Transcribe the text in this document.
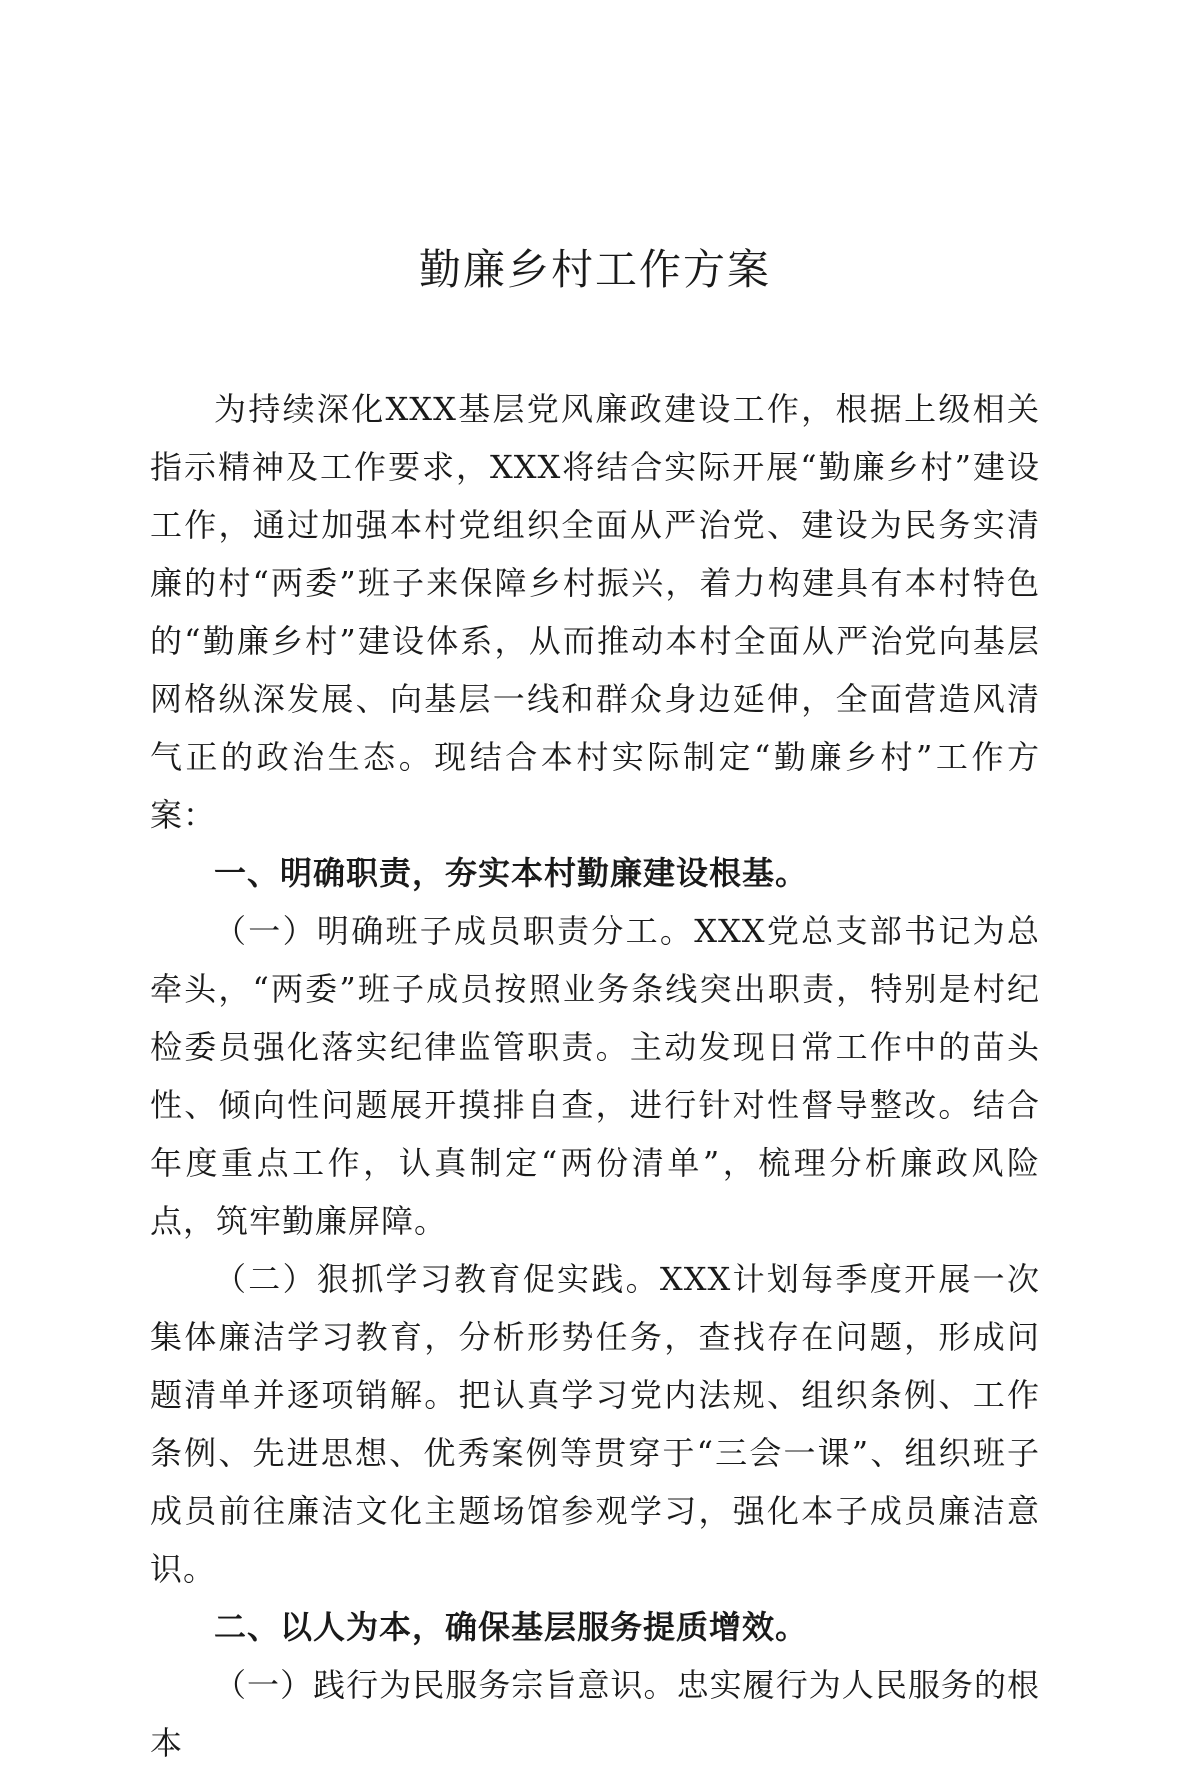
勤廉乡村工作方案

为持续深化XXX基层党风廉政建设工作，根据上级相关指示精神及工作要求，XXX将结合实际开展“勤廉乡村”建设工作，通过加强本村党组织全面从严治党、建设为民务实清廉的村“两委”班子来保障乡村振兴，着力构建具有本村特色的“勤廉乡村”建设体系，从而推动本村全面从严治党向基层网格纵深发展、向基层一线和群众身边延伸，全面营造风清气正的政治生态。现结合本村实际制定“勤廉乡村”工作方案：

一、明确职责，夯实本村勤廉建设根基。

（一）明确班子成员职责分工。XXX党总支部书记为总牵头，“两委”班子成员按照业务条线突出职责，特别是村纪检委员强化落实纪律监管职责。主动发现日常工作中的苗头性、倾向性问题展开摸排自查，进行针对性督导整改。结合年度重点工作，认真制定“两份清单”，梳理分析廉政风险点，筑牢勤廉屏障。

（二）狠抓学习教育促实践。XXX计划每季度开展一次集体廉洁学习教育，分析形势任务，查找存在问题，形成问题清单并逐项销解。把认真学习党内法规、组织条例、工作条例、先进思想、优秀案例等贯穿于“三会一课”、组织班子成员前往廉洁文化主题场馆参观学习，强化本子成员廉洁意识。

二、以人为本，确保基层服务提质增效。

（一）践行为民服务宗旨意识。忠实履行为人民服务的根本
